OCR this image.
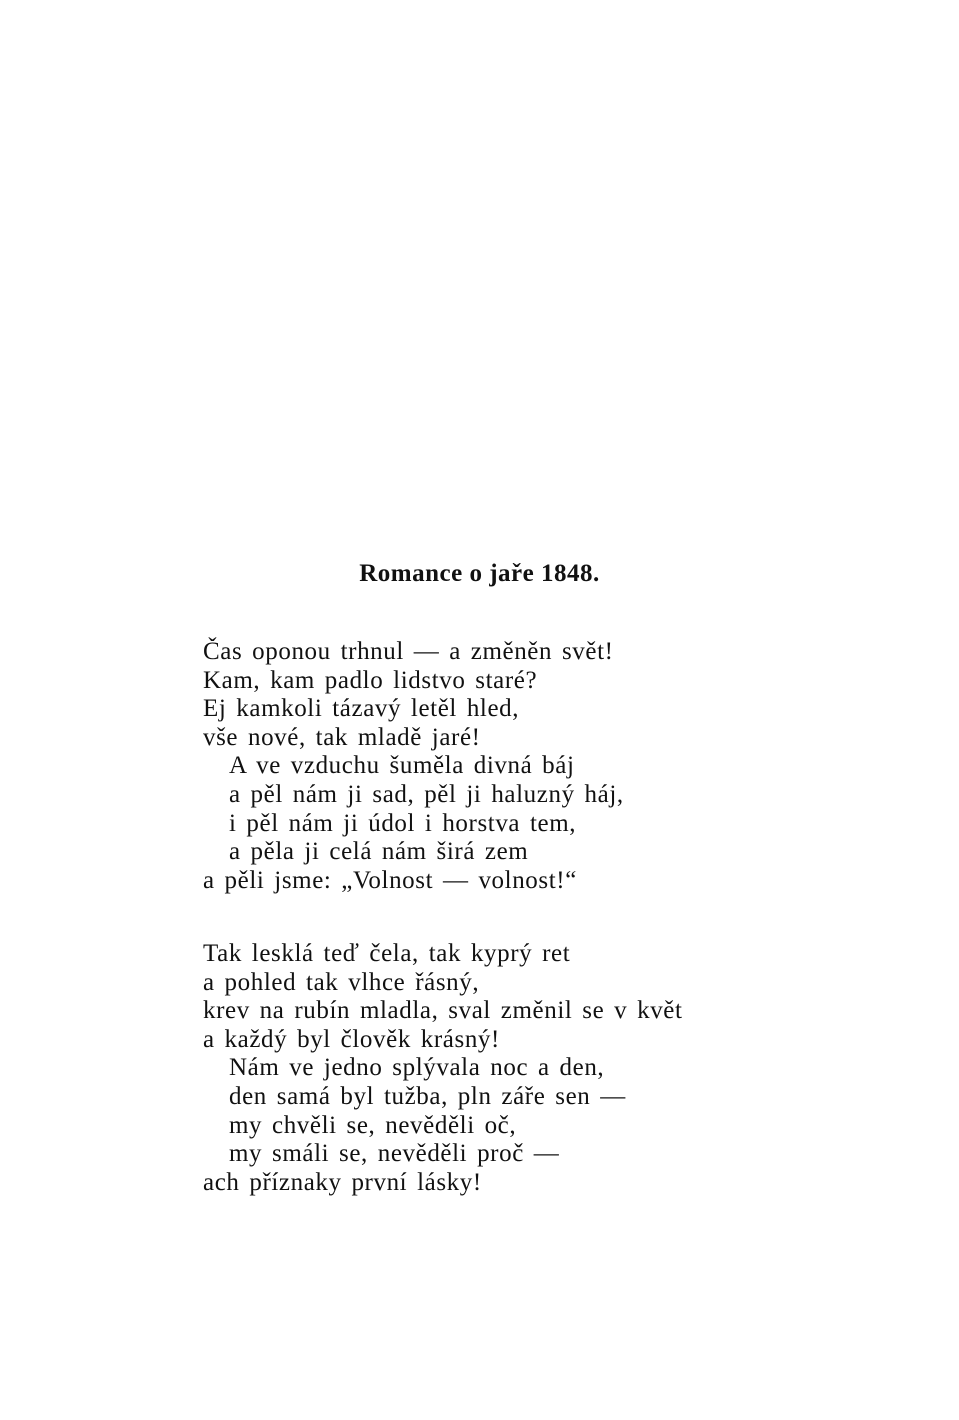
Romance o jaře 1848.
Čas oponou trhnul — a změněn svět!
Kam, kam padlo lidstvo staré?
Ej kamkoli tázavý letěl hled,
vše nové, tak mladě jaré!
A ve vzduchu šuměla divná báj
a pěl nám ji sad, pěl ji haluzný háj,
i pěl nám ji údol i horstva tem,
a pěla ji celá nám širá zem
a pěli jsme: „Volnost — volnost!“
Tak lesklá teď čela, tak kyprý ret
a pohled tak vlhce řásný,
krev na rubín mladla, sval změnil se v květ
a každý byl člověk krásný!
Nám ve jedno splývala noc a den,
den samá byl tužba, pln záře sen —
my chvěli se, nevěděli oč,
my smáli se, nevěděli proč —
ach příznaky první lásky!
